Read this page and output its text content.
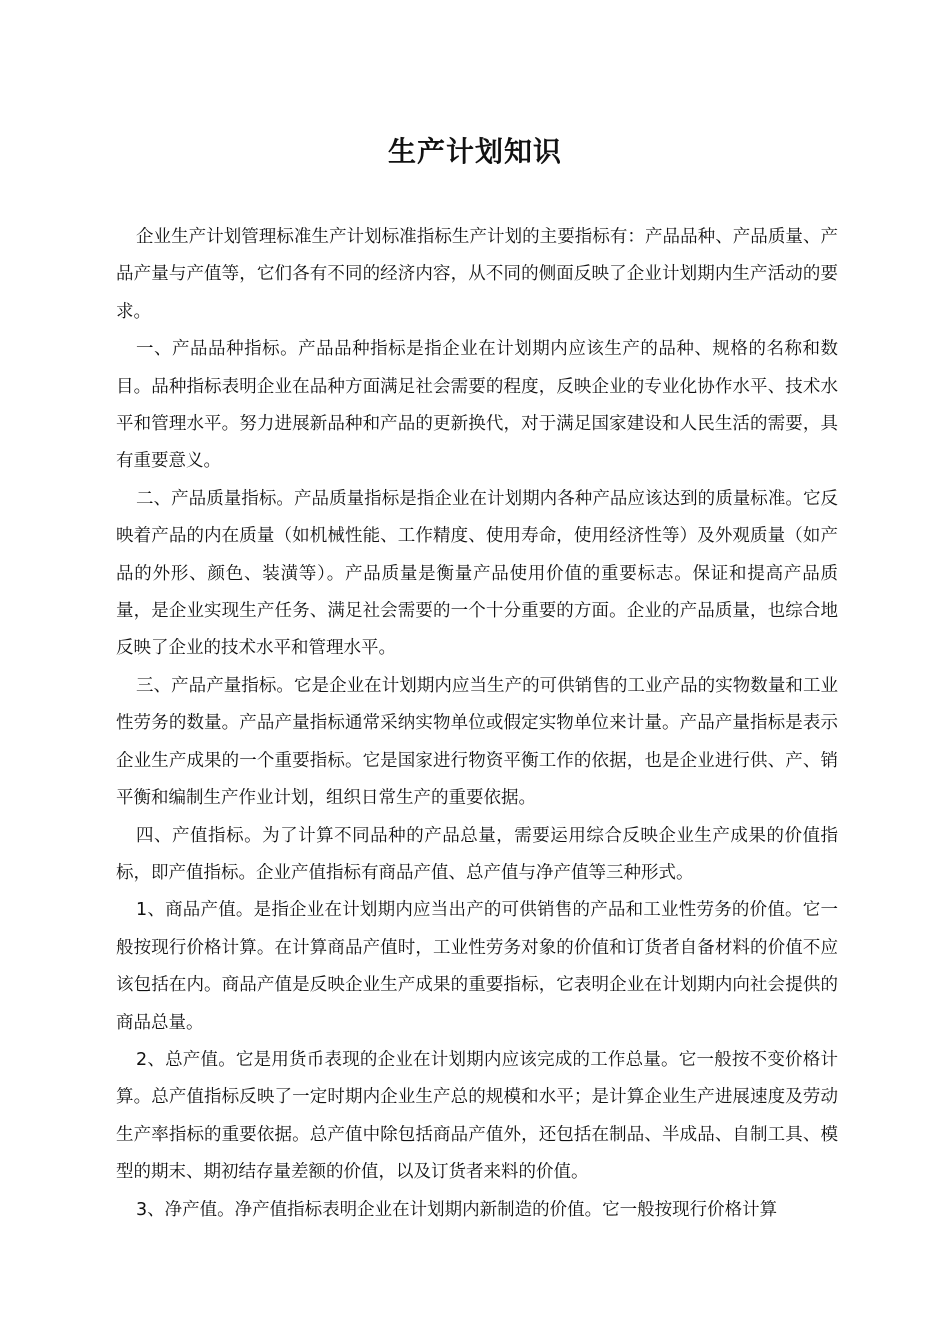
生产计划知识

企业生产计划管理标准生产计划标准指标生产计划的主要指标有：产品品种、产品质量、产品产量与产值等，它们各有不同的经济内容，从不同的侧面反映了企业计划期内生产活动的要求。

一、产品品种指标。产品品种指标是指企业在计划期内应该生产的品种、规格的名称和数目。品种指标表明企业在品种方面满足社会需要的程度，反映企业的专业化协作水平、技术水平和管理水平。努力进展新品种和产品的更新换代，对于满足国家建设和人民生活的需要，具有重要意义。

二、产品质量指标。产品质量指标是指企业在计划期内各种产品应该达到的质量标准。它反映着产品的内在质量（如机械性能、工作精度、使用寿命，使用经济性等）及外观质量（如产品的外形、颜色、装潢等）。产品质量是衡量产品使用价值的重要标志。保证和提高产品质量，是企业实现生产任务、满足社会需要的一个十分重要的方面。企业的产品质量，也综合地反映了企业的技术水平和管理水平。

三、产品产量指标。它是企业在计划期内应当生产的可供销售的工业产品的实物数量和工业性劳务的数量。产品产量指标通常采纳实物单位或假定实物单位来计量。产品产量指标是表示企业生产成果的一个重要指标。它是国家进行物资平衡工作的依据，也是企业进行供、产、销平衡和编制生产作业计划，组织日常生产的重要依据。

四、产值指标。为了计算不同品种的产品总量，需要运用综合反映企业生产成果的价值指标，即产值指标。企业产值指标有商品产值、总产值与净产值等三种形式。

1、商品产值。是指企业在计划期内应当出产的可供销售的产品和工业性劳务的价值。它一般按现行价格计算。在计算商品产值时，工业性劳务对象的价值和订货者自备材料的价值不应该包括在内。商品产值是反映企业生产成果的重要指标，它表明企业在计划期内向社会提供的商品总量。

2、总产值。它是用货币表现的企业在计划期内应该完成的工作总量。它一般按不变价格计算。总产值指标反映了一定时期内企业生产总的规模和水平；是计算企业生产进展速度及劳动生产率指标的重要依据。总产值中除包括商品产值外，还包括在制品、半成品、自制工具、模型的期末、期初结存量差额的价值，以及订货者来料的价值。

3、净产值。净产值指标表明企业在计划期内新制造的价值。它一般按现行价格计算
